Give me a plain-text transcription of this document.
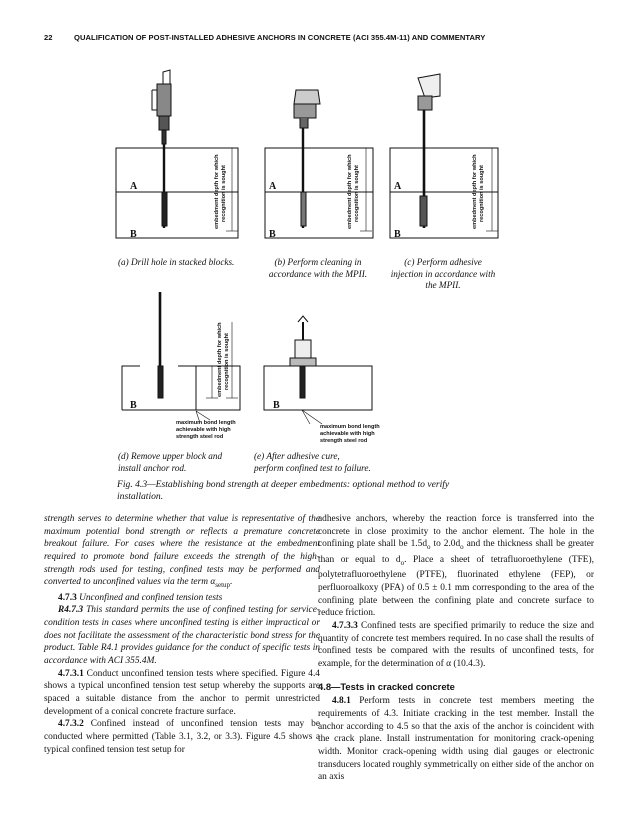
22	QUALIFICATION OF POST-INSTALLED ADHESIVE ANCHORS IN CONCRETE (ACI 355.4M-11) AND COMMENTARY
A
B
A
B
A
B
B	B
embedment depth for which recognition is sought	embedment depth for which recognition is sought	embedment depth for which recognition is sought
embedment depth for which recognition is sought
maximum bond length
achievable with high
strength steel rod
maximum bond length
achievable with high
strength steel rod
(a) Drill hole in stacked blocks.	(b) Perform cleaning in
accordance with the MPII.
(c) Perform adhesive
injection in accordance with
the MPII.
(d) Remove upper block and
install anchor rod.
(e) After adhesive cure,
perform confined test to failure.
Fig. 4.3—Establishing bond strength at deeper embedments: optional method to verify
installation.

strength serves to determine whether that value is representative of the maximum potential bond strength or reflects a premature concrete breakout failure. For cases where the resistance at the embedment required to promote bond failure exceeds the strength of the high-strength rods used for testing, confined tests may be performed and converted to unconfined values via the term $\alpha_{setup}$.

4.7.3 Unconfined and confined tension tests

R4.7.3 This standard permits the use of confined testing for service-condition tests in cases where unconfined testing is either impractical or does not facilitate the assessment of the characteristic bond stress for the product. Table R4.1 provides guidance for the conduct of specific tests in accordance with ACI 355.4M.

4.7.3.1 Conduct unconfined tension tests where specified. Figure 4.4 shows a typical unconfined tension test setup whereby the supports are spaced a suitable distance from the anchor to permit unrestricted development of a conical concrete fracture surface.

4.7.3.2 Confined instead of unconfined tension tests may be conducted where permitted (Table 3.1, 3.2, or 3.3). Figure 4.5 shows a typical confined tension test setup for

adhesive anchors, whereby the reaction force is transferred into the concrete in close proximity to the anchor element. The hole in the confining plate shall be $1.5d_o$ to $2.0d_o$ and the thickness shall be greater than or equal to $d_o$. Place a sheet of tetrafluoroethylene (TFE), polytetrafluoroethylene (PTFE), fluorinated ethylene (FEP), or perfluoroalkoxy (PFA) of 0.5 ± 0.1 mm corresponding to the area of the confining plate between the confining plate and concrete surface to reduce friction.

4.7.3.3 Confined tests are specified primarily to reduce the size and quantity of concrete test members required. In no case shall the results of confined tests be compared with the results of unconfined tests, for example, for the determination of α (10.4.3).

4.8—Tests in cracked concrete

4.8.1 Perform tests in concrete test members meeting the requirements of 4.3. Initiate cracking in the test member. Install the anchor according to 4.5 so that the axis of the anchor is coincident with the crack plane. Install instrumentation for monitoring crack-opening width. Monitor crack-opening width using dial gauges or electronic transducers located roughly symmetrically on either side of the anchor on an axis
